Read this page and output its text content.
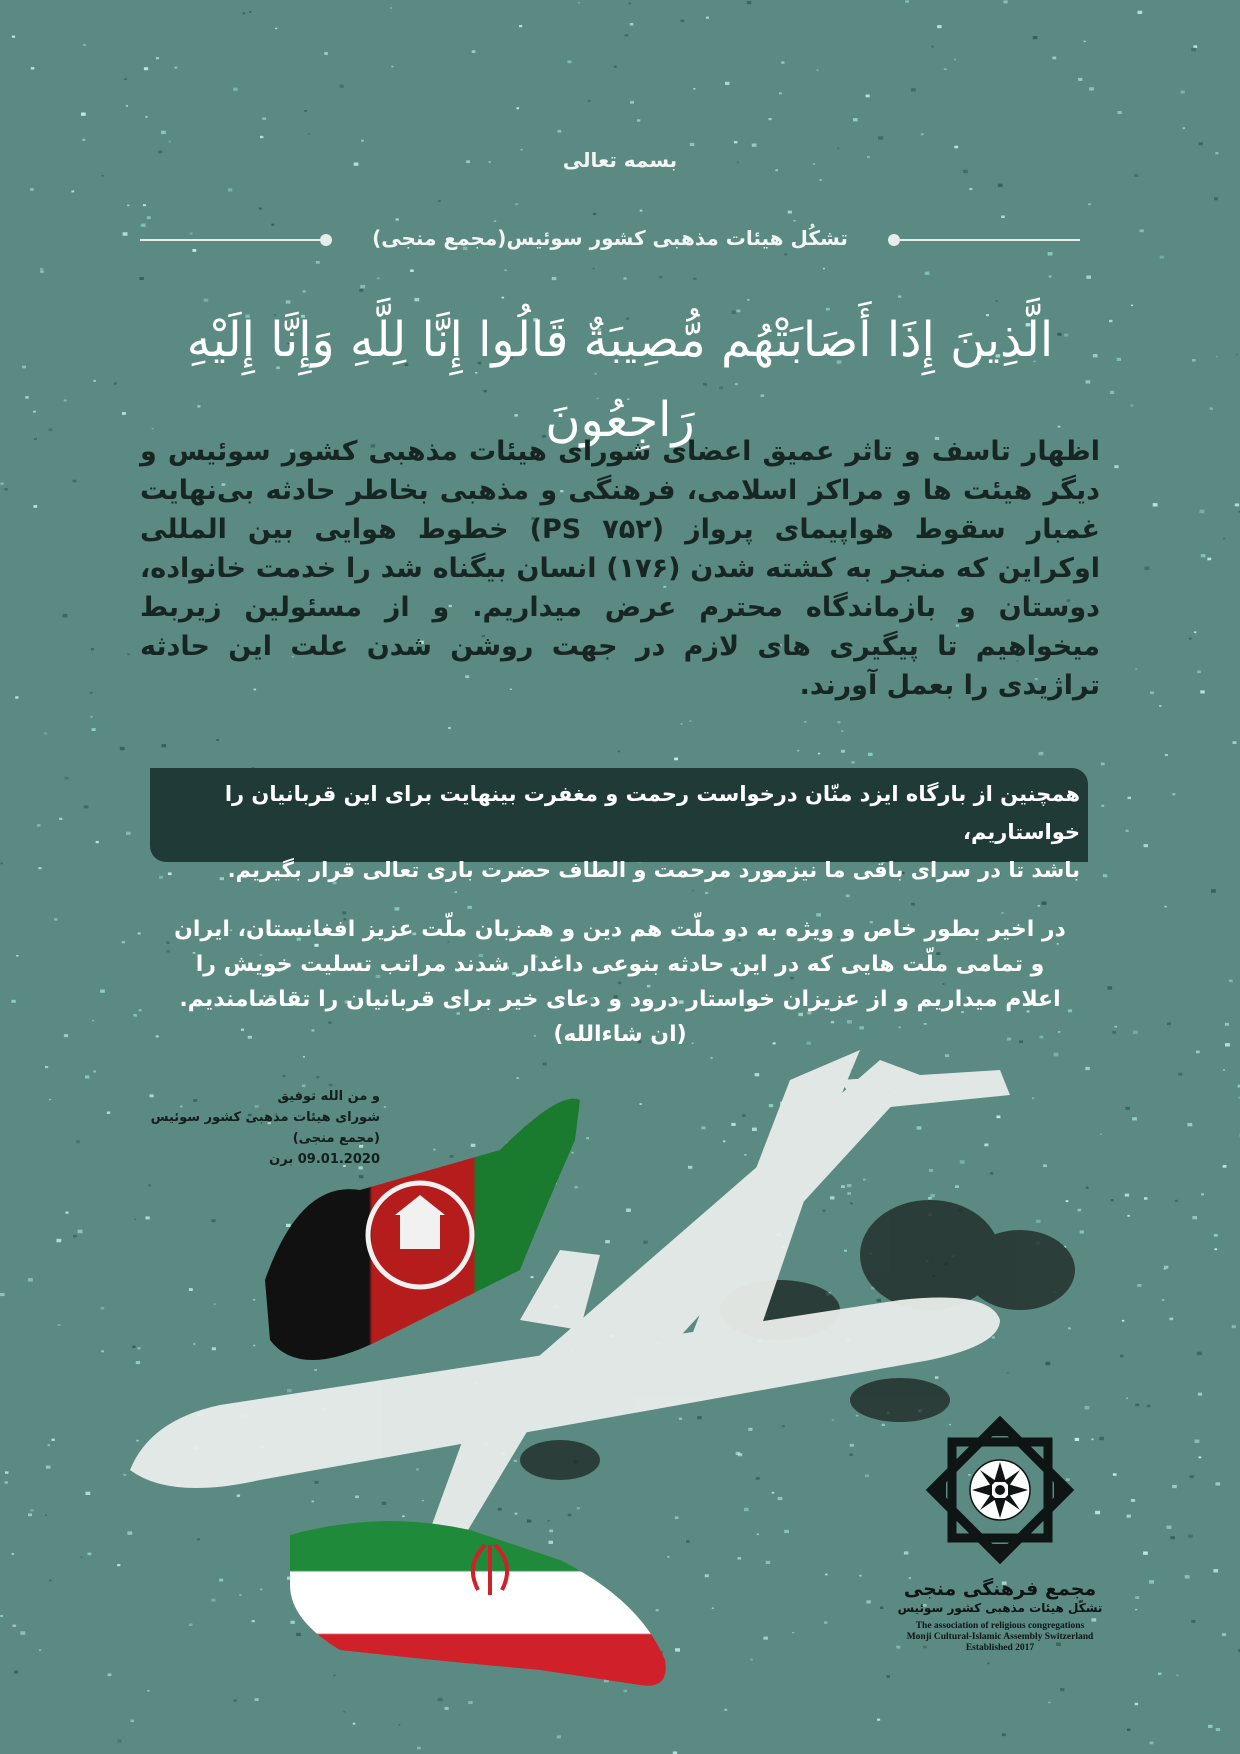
بسمه تعالی
تشکُل هیئات مذهبی کشور سوئیس(مجمع منجی)
الَّذِینَ إِذَا أَصَابَتْهُم مُّصِیبَةٌ قَالُوا إِنَّا لِلَّهِ وَإِنَّا إِلَیْهِ رَاجِعُونَ
اظهار تاسف و تاثر عمیق اعضای شورای هیئات مذهبی کشور سوئیس و دیگر هیئت ها و مراکز اسلامی، فرهنگی و مذهبی بخاطر حادثه بی‌نهایت غمبار سقوط هواپیمای پرواز (۷۵۲ PS) خطوط هوایی بین المللی اوکراین که منجر به کشته شدن (۱۷۶) انسان بیگناه شد را خدمت خانواده، دوستان و بازماندگاه محترم عرض میداریم. و از مسئولین زیربط میخواهیم تا پیگیری های لازم در جهت روشن شدن علت این حادثه تراژیدی را بعمل آورند.
همچنین از بارگاه ایزد منّان درخواست رحمت و مغفرت بینهایت برای این قربانیان را خواستاریم،
باشد تا در سرای باقی ما نیزمورد مرحمت و الطاف حضرت باری تعالی قرار بگیریم.
در اخیر بطور خاص و ویژه به دو ملّت هم دین و همزبان ملّت عزیز افغانستان، ایران و تمامی ملّت هایی که در این حادثه بنوعی داغدار شدند مراتب تسلیت خویش را اعلام میداریم و از عزیزان خواستار درود و دعای خیر برای قربانیان را تقاضامندیم. (ان شاءالله)
و من الله توفیق
شورای هیئات مذهبی کشور سوئیس
(مجمع منجی)
09.01.2020 برن
مجمع فرهنگی منجی
تشکّل هیئات مذهبی کشور سوئیس
The association of religious congregations
Monji Cultural-Islamic Assembly Switzerland
Established 2017
